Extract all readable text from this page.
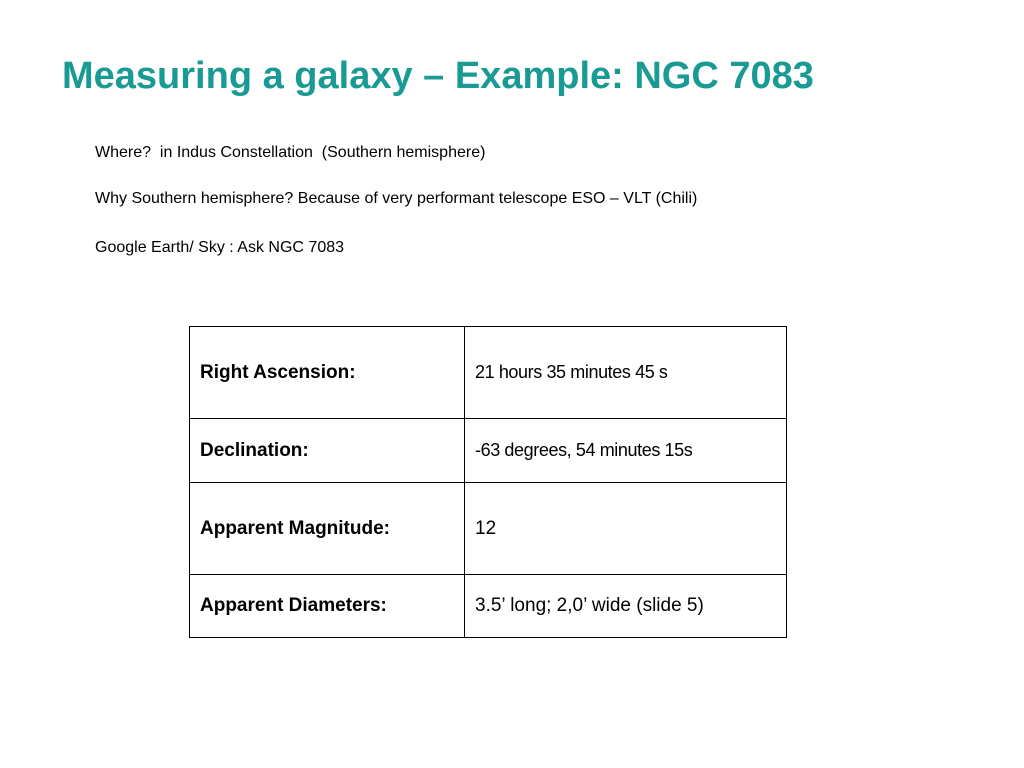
Measuring a galaxy – Example: NGC 7083
Where?  in Indus Constellation  (Southern hemisphere)
Why Southern hemisphere? Because of very performant telescope ESO – VLT (Chili)
Google Earth/ Sky : Ask NGC 7083
Right Ascension:	21 hours 35 minutes 45 s
Declination:	-63 degrees, 54 minutes 15s
Apparent Magnitude:	12
Apparent Diameters:	3.5’ long; 2,0’ wide (slide 5)
